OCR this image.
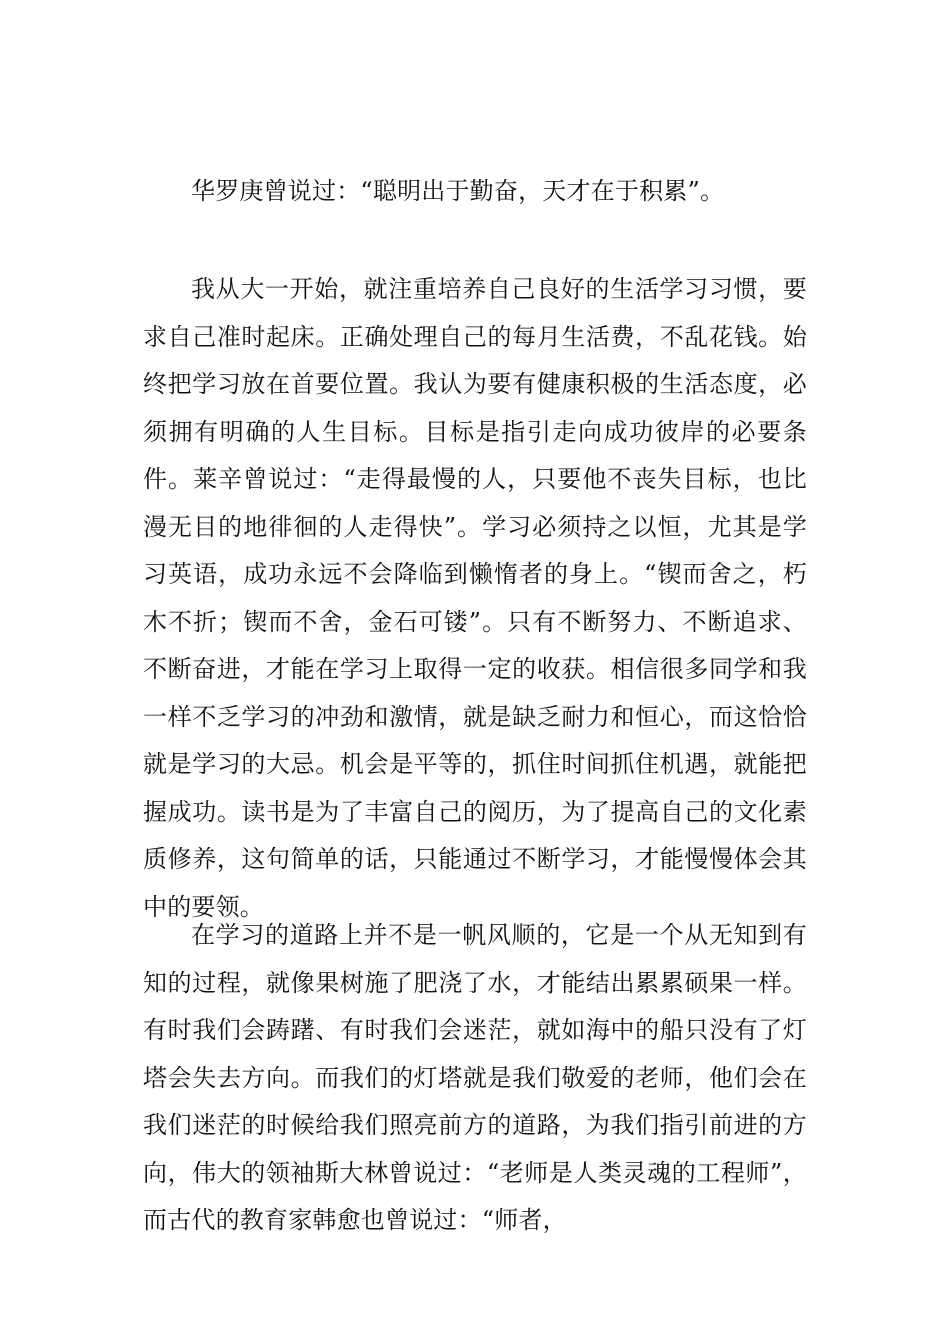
华罗庚曾说过：“聪明出于勤奋，天才在于积累”。

我从大一开始，就注重培养自己良好的生活学习习惯，要求自己准时起床。正确处理自己的每月生活费，不乱花钱。始终把学习放在首要位置。我认为要有健康积极的生活态度，必须拥有明确的人生目标。目标是指引走向成功彼岸的必要条件。莱辛曾说过：“走得最慢的人，只要他不丧失目标，也比漫无目的地徘徊的人走得快”。学习必须持之以恒，尤其是学习英语，成功永远不会降临到懒惰者的身上。“锲而舍之，朽木不折；锲而不舍，金石可镂”。只有不断努力、不断追求、不断奋进，才能在学习上取得一定的收获。相信很多同学和我一样不乏学习的冲劲和激情，就是缺乏耐力和恒心，而这恰恰就是学习的大忌。机会是平等的，抓住时间抓住机遇，就能把握成功。读书是为了丰富自己的阅历，为了提高自己的文化素质修养，这句简单的话，只能通过不断学习，才能慢慢体会其中的要领。

在学习的道路上并不是一帆风顺的，它是一个从无知到有知的过程，就像果树施了肥浇了水，才能结出累累硕果一样。有时我们会踌躇、有时我们会迷茫，就如海中的船只没有了灯塔会失去方向。而我们的灯塔就是我们敬爱的老师，他们会在我们迷茫的时候给我们照亮前方的道路，为我们指引前进的方向，伟大的领袖斯大林曾说过：“老师是人类灵魂的工程师”，而古代的教育家韩愈也曾说过：“师者，
